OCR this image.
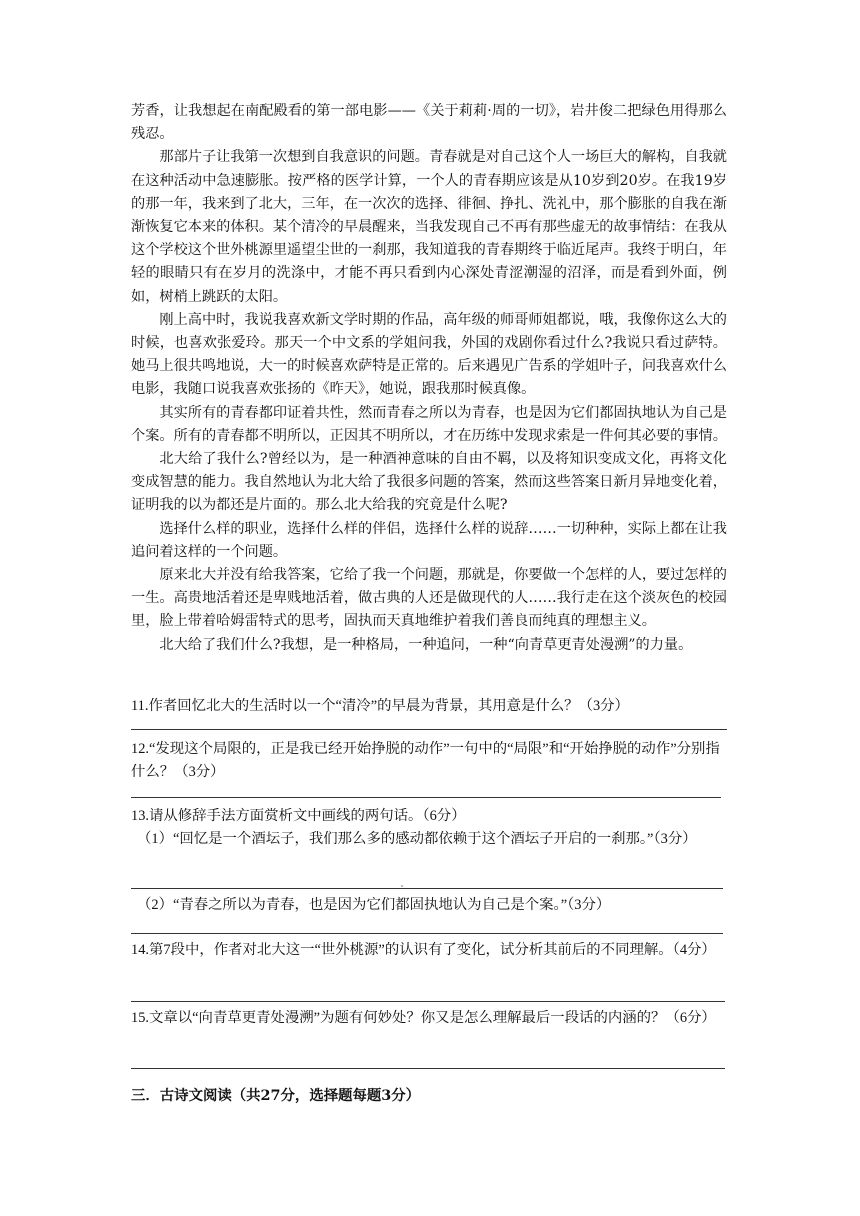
芳香，让我想起在南配殿看的第一部电影——《关于莉莉·周的一切》，岩井俊二把绿色用得那么残忍。

那部片子让我第一次想到自我意识的问题。青春就是对自己这个人一场巨大的解构，自我就在这种活动中急速膨胀。按严格的医学计算，一个人的青春期应该是从10岁到20岁。在我19岁的那一年，我来到了北大，三年，在一次次的选择、徘徊、挣扎、洗礼中，那个膨胀的自我在渐渐恢复它本来的体积。某个清冷的早晨醒来，当我发现自己不再有那些虚无的故事情结：在我从这个学校这个世外桃源里遥望尘世的一刹那，我知道我的青春期终于临近尾声。我终于明白，年轻的眼睛只有在岁月的洗涤中，才能不再只看到内心深处青涩潮湿的沼泽，而是看到外面，例如，树梢上跳跃的太阳。

刚上高中时，我说我喜欢新文学时期的作品，高年级的师哥师姐都说，哦，我像你这么大的时候，也喜欢张爱玲。那天一个中文系的学姐问我，外国的戏剧你看过什么?我说只看过萨特。她马上很共鸣地说，大一的时候喜欢萨特是正常的。后来遇见广告系的学姐叶子，问我喜欢什么电影，我随口说我喜欢张扬的《昨天》，她说，跟我那时候真像。

其实所有的青春都印证着共性，然而青春之所以为青春，也是因为它们都固执地认为自己是个案。所有的青春都不明所以，正因其不明所以，才在历练中发现求索是一件何其必要的事情。

北大给了我什么?曾经以为，是一种酒神意味的自由不羁，以及将知识变成文化，再将文化变成智慧的能力。我自然地认为北大给了我很多问题的答案，然而这些答案日新月异地变化着，证明我的以为都还是片面的。那么北大给我的究竟是什么呢?

选择什么样的职业，选择什么样的伴侣，选择什么样的说辞……一切种种，实际上都在让我追问着这样的一个问题。

原来北大并没有给我答案，它给了我一个问题，那就是，你要做一个怎样的人，要过怎样的一生。高贵地活着还是卑贱地活着，做古典的人还是做现代的人……我行走在这个淡灰色的校园里，脸上带着哈姆雷特式的思考，固执而天真地维护着我们善良而纯真的理想主义。

北大给了我们什么?我想，是一种格局，一种追问，一种“向青草更青处漫溯”的力量。

11.作者回忆北大的生活时以一个“清冷”的早晨为背景，其用意是什么？（3分）

12.“发现这个局限的，正是我已经开始挣脱的动作”一句中的“局限”和“开始挣脱的动作”分别指什么？（3分）

13.请从修辞手法方面赏析文中画线的两句话。（6分）

（1）“回忆是一个酒坛子，我们那么多的感动都依赖于这个酒坛子开启的一刹那。”（3分）

（2）“青春之所以为青春，也是因为它们都固执地认为自己是个案。”（3分）

14.第7段中，作者对北大这一“世外桃源”的认识有了变化，试分析其前后的不同理解。（4分）

15.文章以“向青草更青处漫溯”为题有何妙处？你又是怎么理解最后一段话的内涵的？（6分）

三．古诗文阅读（共27分，选择题每题3分）
